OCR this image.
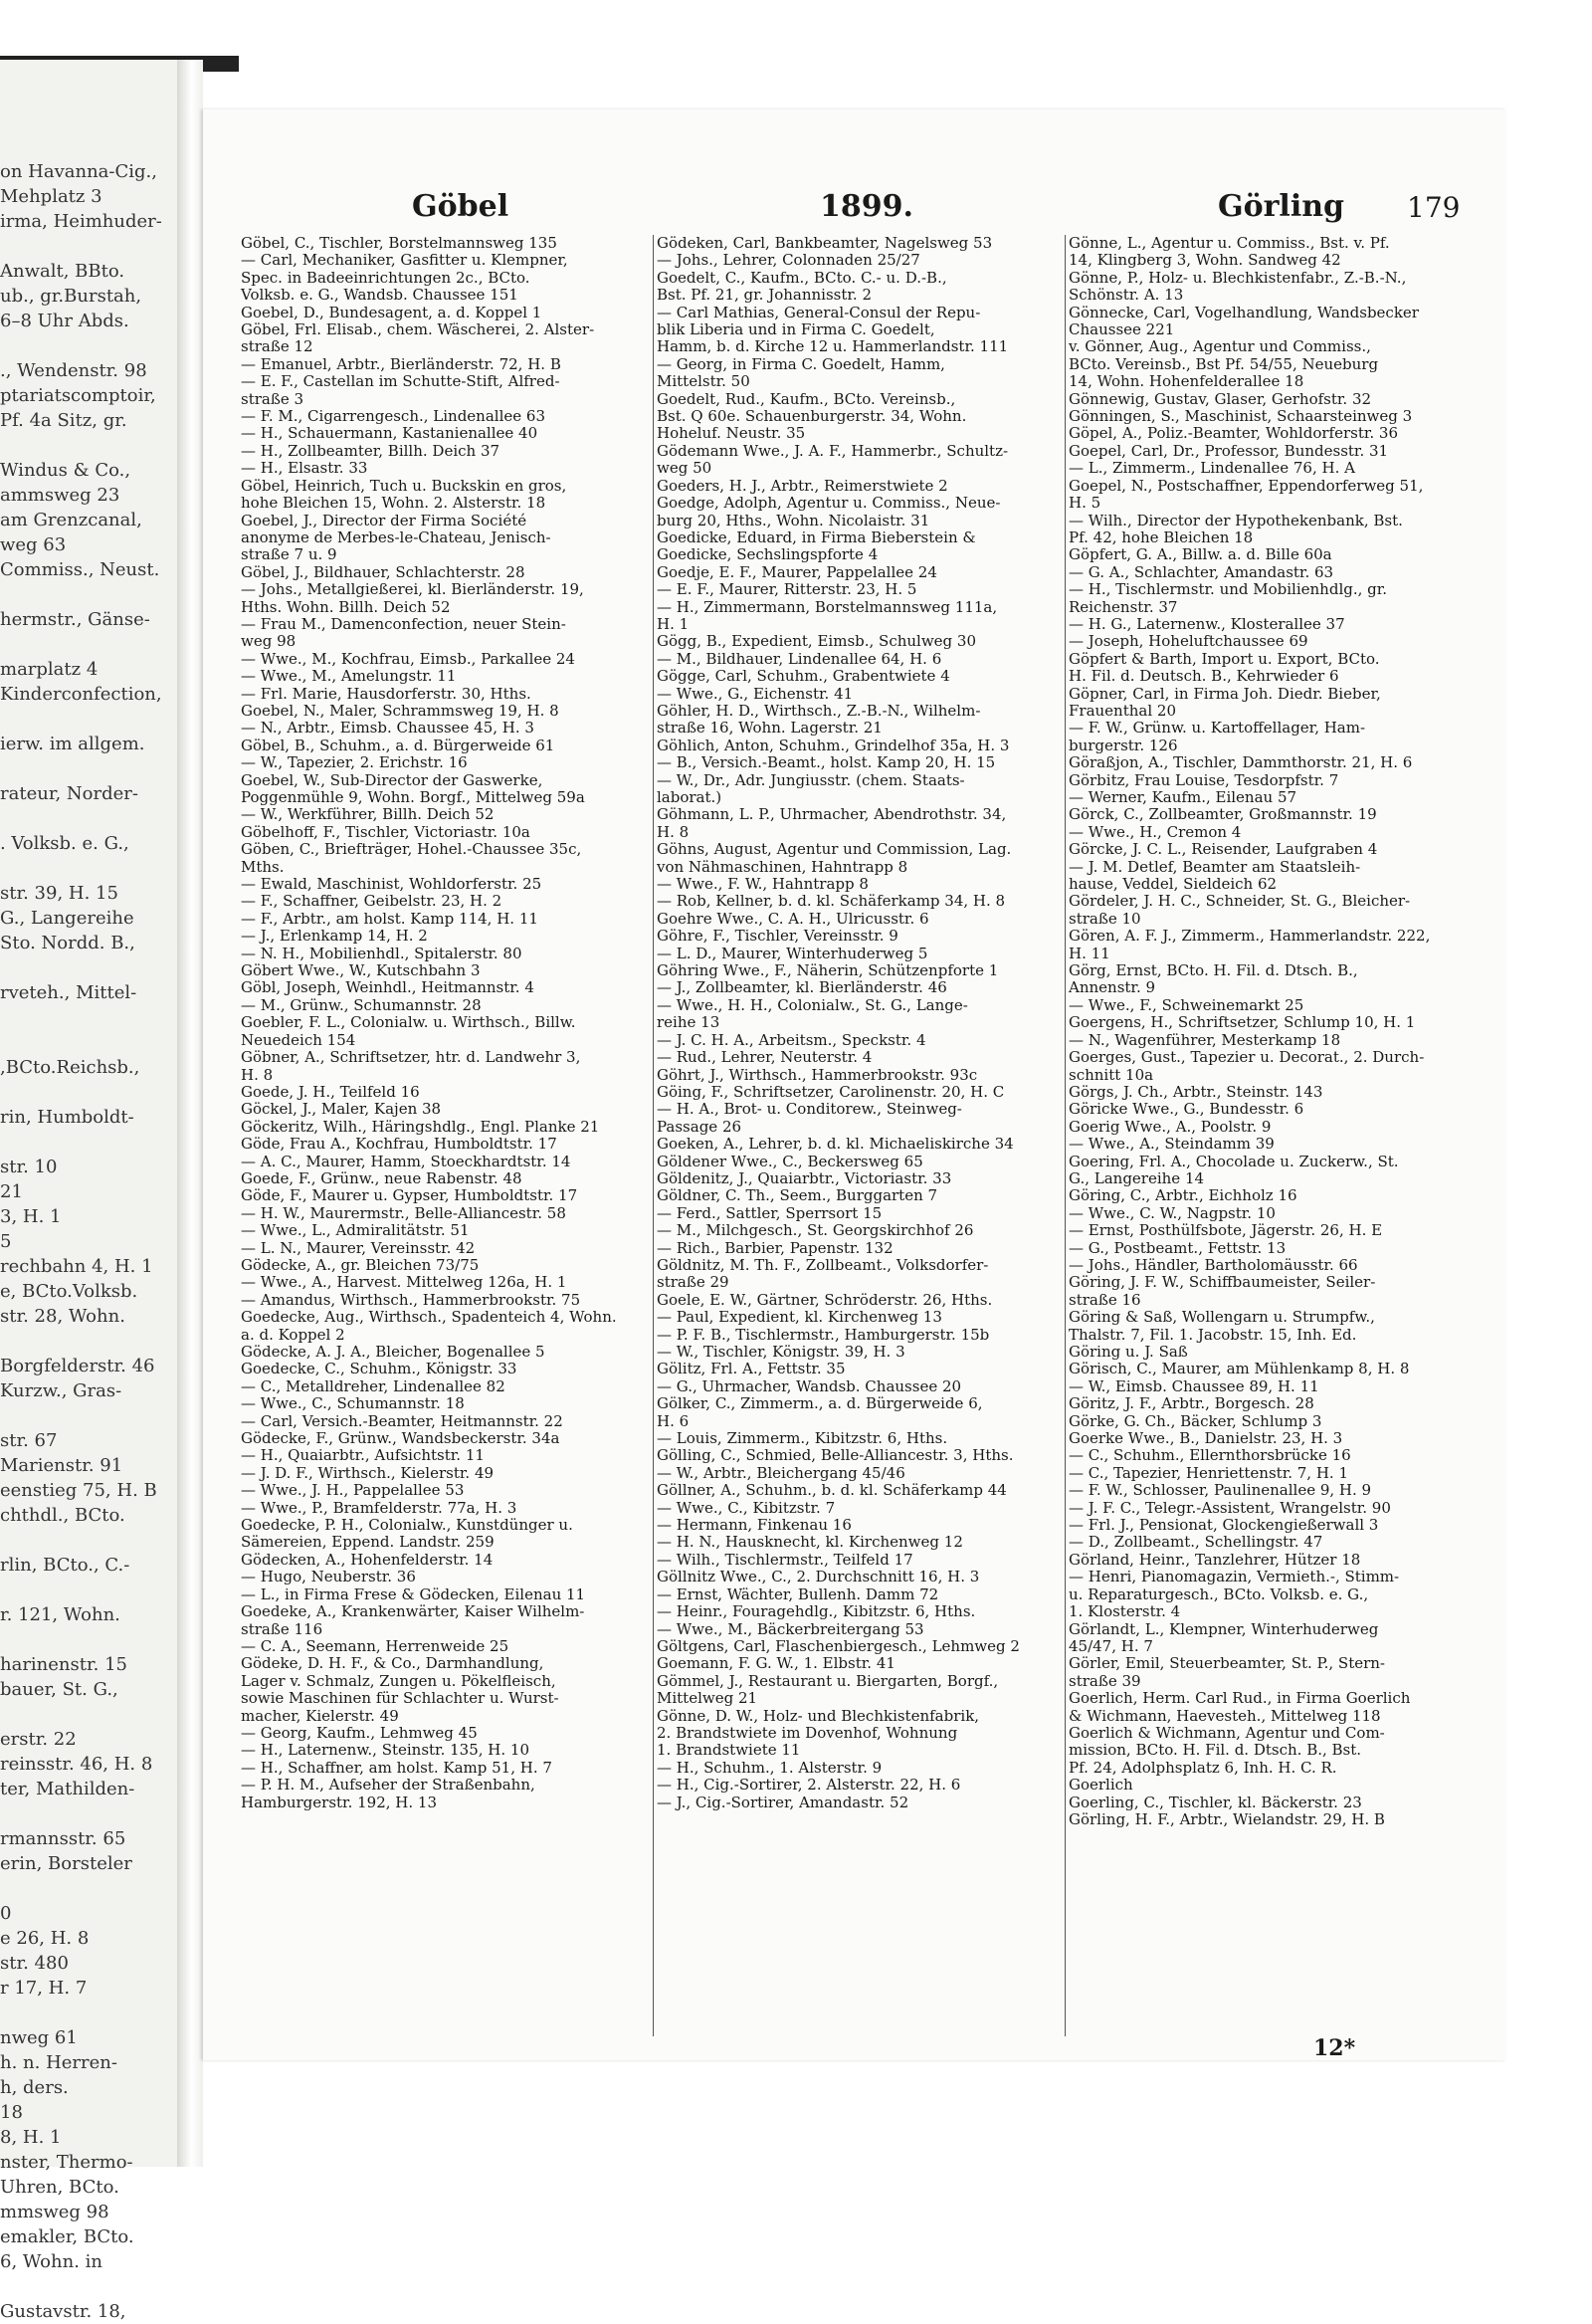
on Havanna-Cig.,
Mehplatz 3
irma, Heimhuder-
Anwalt, BBto.
ub., gr.Burstah,
6–8 Uhr Abds.
., Wendenstr. 98
ptariatscomptoir,
Pf. 4a Sitz, gr.
Windus & Co.,
ammsweg 23
am Grenzcanal,
weg 63
Commiss., Neust.
hermstr., Gänse-
marplatz 4
Kinderconfection,
ierw. im allgem.
rateur, Norder-
. Volksb. e. G.,
str. 39, H. 15
G., Langereihe
Sto. Nordd. B.,
rveteh., Mittel-
,BCto.Reichsb.,
rin, Humboldt-
str. 10
21
3, H. 1
5
rechbahn 4, H. 1
e, BCto.Volksb.
str. 28, Wohn.
Borgfelderstr. 46
Kurzw., Gras-
str. 67
Marienstr. 91
eenstieg 75, H. B
chthdl., BCto.
rlin, BCto., C.-
r. 121, Wohn.
harinenstr. 15
bauer, St. G.,
erstr. 22
reinsstr. 46, H. 8
ter, Mathilden-
rmannsstr. 65
erin, Borsteler
0
e 26, H. 8
str. 480
r 17, H. 7
nweg 61
h. n. Herren-
h, ders.
18
8, H. 1
nster, Thermo-
Uhren, BCto.
mmsweg 98
emakler, BCto.
6, Wohn. in
Gustavstr. 18,
Göbel	1899.	Görling 179
Göbel, C., Tischler, Borstelmannsweg 135
— Carl, Mechaniker, Gasfitter u. Klempner,
Spec. in Badeeinrichtungen 2c., BCto.
Volksb. e. G., Wandsb. Chaussee 151
Goebel, D., Bundesagent, a. d. Koppel 1
Göbel, Frl. Elisab., chem. Wäscherei, 2. Alster-
straße 12
— Emanuel, Arbtr., Bierländerstr. 72, H. B
— E. F., Castellan im Schutte-Stift, Alfred-
straße 3
— F. M., Cigarrengesch., Lindenallee 63
— H., Schauermann, Kastanienallee 40
— H., Zollbeamter, Billh. Deich 37
— H., Elsastr. 33
Göbel, Heinrich, Tuch u. Buckskin en gros,
hohe Bleichen 15, Wohn. 2. Alsterstr. 18
Goebel, J., Director der Firma Société
anonyme de Merbes-le-Chateau, Jenisch-
straße 7 u. 9
Göbel, J., Bildhauer, Schlachterstr. 28
— Johs., Metallgießerei, kl. Bierländerstr. 19,
Hths. Wohn. Billh. Deich 52
— Frau M., Damenconfection, neuer Stein-
weg 98
— Wwe., M., Kochfrau, Eimsb., Parkallee 24
— Wwe., M., Amelungstr. 11
— Frl. Marie, Hausdorferstr. 30, Hths.
Goebel, N., Maler, Schrammsweg 19, H. 8
— N., Arbtr., Eimsb. Chaussee 45, H. 3
Göbel, B., Schuhm., a. d. Bürgerweide 61
— W., Tapezier, 2. Erichstr. 16
Goebel, W., Sub-Director der Gaswerke,
Poggenmühle 9, Wohn. Borgf., Mittelweg 59a
— W., Werkführer, Billh. Deich 52
Göbelhoff, F., Tischler, Victoriastr. 10a
Göben, C., Briefträger, Hohel.-Chaussee 35c,
Mths.
— Ewald, Maschinist, Wohldorferstr. 25
— F., Schaffner, Geibelstr. 23, H. 2
— F., Arbtr., am holst. Kamp 114, H. 11
— J., Erlenkamp 14, H. 2
— N. H., Mobilienhdl., Spitalerstr. 80
Göbert Wwe., W., Kutschbahn 3
Göbl, Joseph, Weinhdl., Heitmannstr. 4
— M., Grünw., Schumannstr. 28
Goebler, F. L., Colonialw. u. Wirthsch., Billw.
Neuedeich 154
Göbner, A., Schriftsetzer, htr. d. Landwehr 3,
H. 8
Goede, J. H., Teilfeld 16
Göckel, J., Maler, Kajen 38
Göckeritz, Wilh., Häringshdlg., Engl. Planke 21
Göde, Frau A., Kochfrau, Humboldtstr. 17
— A. C., Maurer, Hamm, Stoeckhardtstr. 14
Goede, F., Grünw., neue Rabenstr. 48
Göde, F., Maurer u. Gypser, Humboldtstr. 17
— H. W., Maurermstr., Belle-Alliancestr. 58
— Wwe., L., Admiralitätstr. 51
— L. N., Maurer, Vereinsstr. 42
Gödecke, A., gr. Bleichen 73/75
— Wwe., A., Harvest. Mittelweg 126a, H. 1
— Amandus, Wirthsch., Hammerbrookstr. 75
Goedecke, Aug., Wirthsch., Spadenteich 4, Wohn.
a. d. Koppel 2
Gödecke, A. J. A., Bleicher, Bogenallee 5
Goedecke, C., Schuhm., Königstr. 33
— C., Metalldreher, Lindenallee 82
— Wwe., C., Schumannstr. 18
— Carl, Versich.-Beamter, Heitmannstr. 22
Gödecke, F., Grünw., Wandsbeckerstr. 34a
— H., Quaiarbtr., Aufsichtstr. 11
— J. D. F., Wirthsch., Kielerstr. 49
— Wwe., J. H., Pappelallee 53
— Wwe., P., Bramfelderstr. 77a, H. 3
Goedecke, P. H., Colonialw., Kunstdünger u.
Sämereien, Eppend. Landstr. 259
Gödecken, A., Hohenfelderstr. 14
— Hugo, Neuberstr. 36
— L., in Firma Frese & Gödecken, Eilenau 11
Goedeke, A., Krankenwärter, Kaiser Wilhelm-
straße 116
— C. A., Seemann, Herrenweide 25
Gödeke, D. H. F., & Co., Darmhandlung,
Lager v. Schmalz, Zungen u. Pökelfleisch,
sowie Maschinen für Schlachter u. Wurst-
macher, Kielerstr. 49
— Georg, Kaufm., Lehmweg 45
— H., Laternenw., Steinstr. 135, H. 10
— H., Schaffner, am holst. Kamp 51, H. 7
— P. H. M., Aufseher der Straßenbahn,
Hamburgerstr. 192, H. 13
Gödeken, Carl, Bankbeamter, Nagelsweg 53
— Johs., Lehrer, Colonnaden 25/27
Goedelt, C., Kaufm., BCto. C.- u. D.-B.,
Bst. Pf. 21, gr. Johannisstr. 2
— Carl Mathias, General-Consul der Repu-
blik Liberia und in Firma C. Goedelt,
Hamm, b. d. Kirche 12 u. Hammerlandstr. 111
— Georg, in Firma C. Goedelt, Hamm,
Mittelstr. 50
Goedelt, Rud., Kaufm., BCto. Vereinsb.,
Bst. Q 60e. Schauenburgerstr. 34, Wohn.
Hoheluf. Neustr. 35
Gödemann Wwe., J. A. F., Hammerbr., Schultz-
weg 50
Goeders, H. J., Arbtr., Reimerstwiete 2
Goedge, Adolph, Agentur u. Commiss., Neue-
burg 20, Hths., Wohn. Nicolaistr. 31
Goedicke, Eduard, in Firma Bieberstein &
Goedicke, Sechslingspforte 4
Goedje, E. F., Maurer, Pappelallee 24
— E. F., Maurer, Ritterstr. 23, H. 5
— H., Zimmermann, Borstelmannsweg 111a,
H. 1
Gögg, B., Expedient, Eimsb., Schulweg 30
— M., Bildhauer, Lindenallee 64, H. 6
Gögge, Carl, Schuhm., Grabentwiete 4
— Wwe., G., Eichenstr. 41
Göhler, H. D., Wirthsch., Z.-B.-N., Wilhelm-
straße 16, Wohn. Lagerstr. 21
Göhlich, Anton, Schuhm., Grindelhof 35a, H. 3
— B., Versich.-Beamt., holst. Kamp 20, H. 15
— W., Dr., Adr. Jungiusstr. (chem. Staats-
laborat.)
Göhmann, L. P., Uhrmacher, Abendrothstr. 34,
H. 8
Göhns, August, Agentur und Commission, Lag.
von Nähmaschinen, Hahntrapp 8
— Wwe., F. W., Hahntrapp 8
— Rob, Kellner, b. d. kl. Schäferkamp 34, H. 8
Goehre Wwe., C. A. H., Ulricusstr. 6
Göhre, F., Tischler, Vereinsstr. 9
— L. D., Maurer, Winterhuderweg 5
Göhring Wwe., F., Näherin, Schützenpforte 1
— J., Zollbeamter, kl. Bierländerstr. 46
— Wwe., H. H., Colonialw., St. G., Lange-
reihe 13
— J. C. H. A., Arbeitsm., Speckstr. 4
— Rud., Lehrer, Neuterstr. 4
Göhrt, J., Wirthsch., Hammerbrookstr. 93c
Göing, F., Schriftsetzer, Carolinenstr. 20, H. C
— H. A., Brot- u. Conditorew., Steinweg-
Passage 26
Goeken, A., Lehrer, b. d. kl. Michaeliskirche 34
Göldener Wwe., C., Beckersweg 65
Göldenitz, J., Quaiarbtr., Victoriastr. 33
Göldner, C. Th., Seem., Burggarten 7
— Ferd., Sattler, Sperrsort 15
— M., Milchgesch., St. Georgskirchhof 26
— Rich., Barbier, Papenstr. 132
Göldnitz, M. Th. F., Zollbeamt., Volksdorfer-
straße 29
Goele, E. W., Gärtner, Schröderstr. 26, Hths.
— Paul, Expedient, kl. Kirchenweg 13
— P. F. B., Tischlermstr., Hamburgerstr. 15b
— W., Tischler, Königstr. 39, H. 3
Gölitz, Frl. A., Fettstr. 35
— G., Uhrmacher, Wandsb. Chaussee 20
Gölker, C., Zimmerm., a. d. Bürgerweide 6,
H. 6
— Louis, Zimmerm., Kibitzstr. 6, Hths.
Gölling, C., Schmied, Belle-Alliancestr. 3, Hths.
— W., Arbtr., Bleichergang 45/46
Göllner, A., Schuhm., b. d. kl. Schäferkamp 44
— Wwe., C., Kibitzstr. 7
— Hermann, Finkenau 16
— H. N., Hausknecht, kl. Kirchenweg 12
— Wilh., Tischlermstr., Teilfeld 17
Göllnitz Wwe., C., 2. Durchschnitt 16, H. 3
— Ernst, Wächter, Bullenh. Damm 72
— Heinr., Fouragehdlg., Kibitzstr. 6, Hths.
— Wwe., M., Bäckerbreitergang 53
Göltgens, Carl, Flaschenbiergesch., Lehmweg 2
Goemann, F. G. W., 1. Elbstr. 41
Gömmel, J., Restaurant u. Biergarten, Borgf.,
Mittelweg 21
Gönne, D. W., Holz- und Blechkistenfabrik,
2. Brandstwiete im Dovenhof, Wohnung
1. Brandstwiete 11
— H., Schuhm., 1. Alsterstr. 9
— H., Cig.-Sortirer, 2. Alsterstr. 22, H. 6
— J., Cig.-Sortirer, Amandastr. 52
Gönne, L., Agentur u. Commiss., Bst. v. Pf.
14, Klingberg 3, Wohn. Sandweg 42
Gönne, P., Holz- u. Blechkistenfabr., Z.-B.-N.,
Schönstr. A. 13
Gönnecke, Carl, Vogelhandlung, Wandsbecker
Chaussee 221
v. Gönner, Aug., Agentur und Commiss.,
BCto. Vereinsb., Bst Pf. 54/55, Neueburg
14, Wohn. Hohenfelderallee 18
Gönnewig, Gustav, Glaser, Gerhofstr. 32
Gönningen, S., Maschinist, Schaarsteinweg 3
Göpel, A., Poliz.-Beamter, Wohldorferstr. 36
Goepel, Carl, Dr., Professor, Bundesstr. 31
— L., Zimmerm., Lindenallee 76, H. A
Goepel, N., Postschaffner, Eppendorferweg 51,
H. 5
— Wilh., Director der Hypothekenbank, Bst.
Pf. 42, hohe Bleichen 18
Göpfert, G. A., Billw. a. d. Bille 60a
— G. A., Schlachter, Amandastr. 63
— H., Tischlermstr. und Mobilienhdlg., gr.
Reichenstr. 37
— H. G., Laternenw., Klosterallee 37
— Joseph, Hoheluftchaussee 69
Göpfert & Barth, Import u. Export, BCto.
H. Fil. d. Deutsch. B., Kehrwieder 6
Göpner, Carl, in Firma Joh. Diedr. Bieber,
Frauenthal 20
— F. W., Grünw. u. Kartoffellager, Ham-
burgerstr. 126
Göraßjon, A., Tischler, Dammthorstr. 21, H. 6
Görbitz, Frau Louise, Tesdorpfstr. 7
— Werner, Kaufm., Eilenau 57
Görck, C., Zollbeamter, Großmannstr. 19
— Wwe., H., Cremon 4
Görcke, J. C. L., Reisender, Laufgraben 4
— J. M. Detlef, Beamter am Staatsleih-
hause, Veddel, Sieldeich 62
Gördeler, J. H. C., Schneider, St. G., Bleicher-
straße 10
Gören, A. F. J., Zimmerm., Hammerlandstr. 222,
H. 11
Görg, Ernst, BCto. H. Fil. d. Dtsch. B.,
Annenstr. 9
— Wwe., F., Schweinemarkt 25
Goergens, H., Schriftsetzer, Schlump 10, H. 1
— N., Wagenführer, Mesterkamp 18
Goerges, Gust., Tapezier u. Decorat., 2. Durch-
schnitt 10a
Görgs, J. Ch., Arbtr., Steinstr. 143
Göricke Wwe., G., Bundesstr. 6
Goerig Wwe., A., Poolstr. 9
— Wwe., A., Steindamm 39
Goering, Frl. A., Chocolade u. Zuckerw., St.
G., Langereihe 14
Göring, C., Arbtr., Eichholz 16
— Wwe., C. W., Nagpstr. 10
— Ernst, Posthülfsbote, Jägerstr. 26, H. E
— G., Postbeamt., Fettstr. 13
— Johs., Händler, Bartholomäusstr. 66
Göring, J. F. W., Schiffbaumeister, Seiler-
straße 16
Göring & Saß, Wollengarn u. Strumpfw.,
Thalstr. 7, Fil. 1. Jacobstr. 15, Inh. Ed.
Göring u. J. Saß
Görisch, C., Maurer, am Mühlenkamp 8, H. 8
— W., Eimsb. Chaussee 89, H. 11
Göritz, J. F., Arbtr., Borgesch. 28
Görke, G. Ch., Bäcker, Schlump 3
Goerke Wwe., B., Danielstr. 23, H. 3
— C., Schuhm., Ellernthorsbrücke 16
— C., Tapezier, Henriettenstr. 7, H. 1
— F. W., Schlosser, Paulinenallee 9, H. 9
— J. F. C., Telegr.-Assistent, Wrangelstr. 90
— Frl. J., Pensionat, Glockengießerwall 3
— D., Zollbeamt., Schellingstr. 47
Görland, Heinr., Tanzlehrer, Hützer 18
— Henri, Pianomagazin, Vermieth.-, Stimm-
u. Reparaturgesch., BCto. Volksb. e. G.,
1. Klosterstr. 4
Görlandt, L., Klempner, Winterhuderweg
45/47, H. 7
Görler, Emil, Steuerbeamter, St. P., Stern-
straße 39
Goerlich, Herm. Carl Rud., in Firma Goerlich
& Wichmann, Haevesteh., Mittelweg 118
Goerlich & Wichmann, Agentur und Com-
mission, BCto. H. Fil. d. Dtsch. B., Bst.
Pf. 24, Adolphsplatz 6, Inh. H. C. R.
Goerlich
Goerling, C., Tischler, kl. Bäckerstr. 23
Görling, H. F., Arbtr., Wielandstr. 29, H. B
12*
